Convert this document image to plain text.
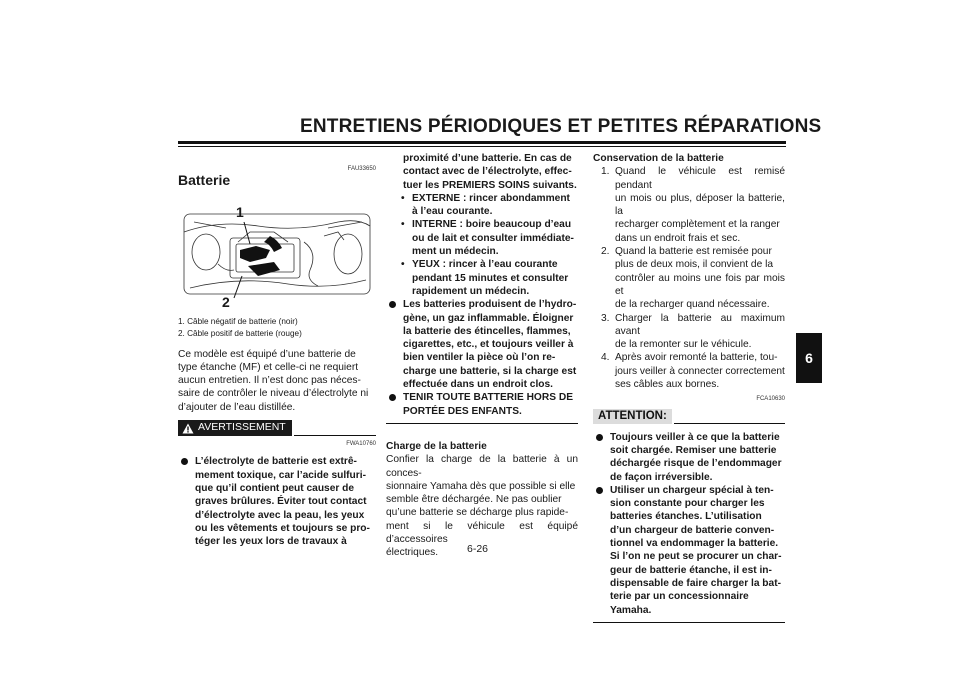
ENTRETIENS PÉRIODIQUES ET PETITES RÉPARATIONS
6
FAU33650
Batterie
1
2
1. Câble négatif de batterie (noir)
2. Câble positif de batterie (rouge)
Ce modèle est équipé d’une batterie de
type étanche (MF) et celle-ci ne requiert
aucun entretien. Il n’est donc pas néces-
saire de contrôler le niveau d’électrolyte ni
d’ajouter de l’eau distillée.
AVERTISSEMENT
FWA10760
L’électrolyte de batterie est extrê-
mement toxique, car l’acide sulfuri-
que qu’il contient peut causer de
graves brûlures. Éviter tout contact
d’électrolyte avec la peau, les yeux
ou les vêtements et toujours se pro-
téger les yeux lors de travaux à
proximité d’une batterie. En cas de
contact avec de l’électrolyte, effec-
tuer les PREMIERS SOINS suivants.
• EXTERNE : rincer abondamment
à l’eau courante.
• INTERNE : boire beaucoup d’eau
ou de lait et consulter immédiate-
ment un médecin.
• YEUX : rincer à l’eau courante
pendant 15 minutes et consulter
rapidement un médecin.
Les batteries produisent de l’hydro-
gène, un gaz inflammable. Éloigner
la batterie des étincelles, flammes,
cigarettes, etc., et toujours veiller à
bien ventiler la pièce où l’on re-
charge une batterie, si la charge est
effectuée dans un endroit clos.
TENIR TOUTE BATTERIE HORS DE
PORTÉE DES ENFANTS.
Charge de la batterie
Confier la charge de la batterie à un conces-
sionnaire Yamaha dès que possible si elle
semble être déchargée. Ne pas oublier
qu’une batterie se décharge plus rapide-
ment si le véhicule est équipé d’accessoires
électriques.
Conservation de la batterie
1. Quand le véhicule est remisé pendant
un mois ou plus, déposer la batterie, la
recharger complètement et la ranger
dans un endroit frais et sec.
2. Quand la batterie est remisée pour
plus de deux mois, il convient de la
contrôler au moins une fois par mois et
de la recharger quand nécessaire.
3. Charger la batterie au maximum avant
de la remonter sur le véhicule.
4. Après avoir remonté la batterie, tou-
jours veiller à connecter correctement
ses câbles aux bornes.
FCA10630
ATTENTION:
Toujours veiller à ce que la batterie
soit chargée. Remiser une batterie
déchargée risque de l’endommager
de façon irréversible.
Utiliser un chargeur spécial à ten-
sion constante pour charger les
batteries étanches. L’utilisation
d’un chargeur de batterie conven-
tionnel va endommager la batterie.
Si l’on ne peut se procurer un char-
geur de batterie étanche, il est in-
dispensable de faire charger la bat-
terie par un concessionnaire
Yamaha.
6-26
